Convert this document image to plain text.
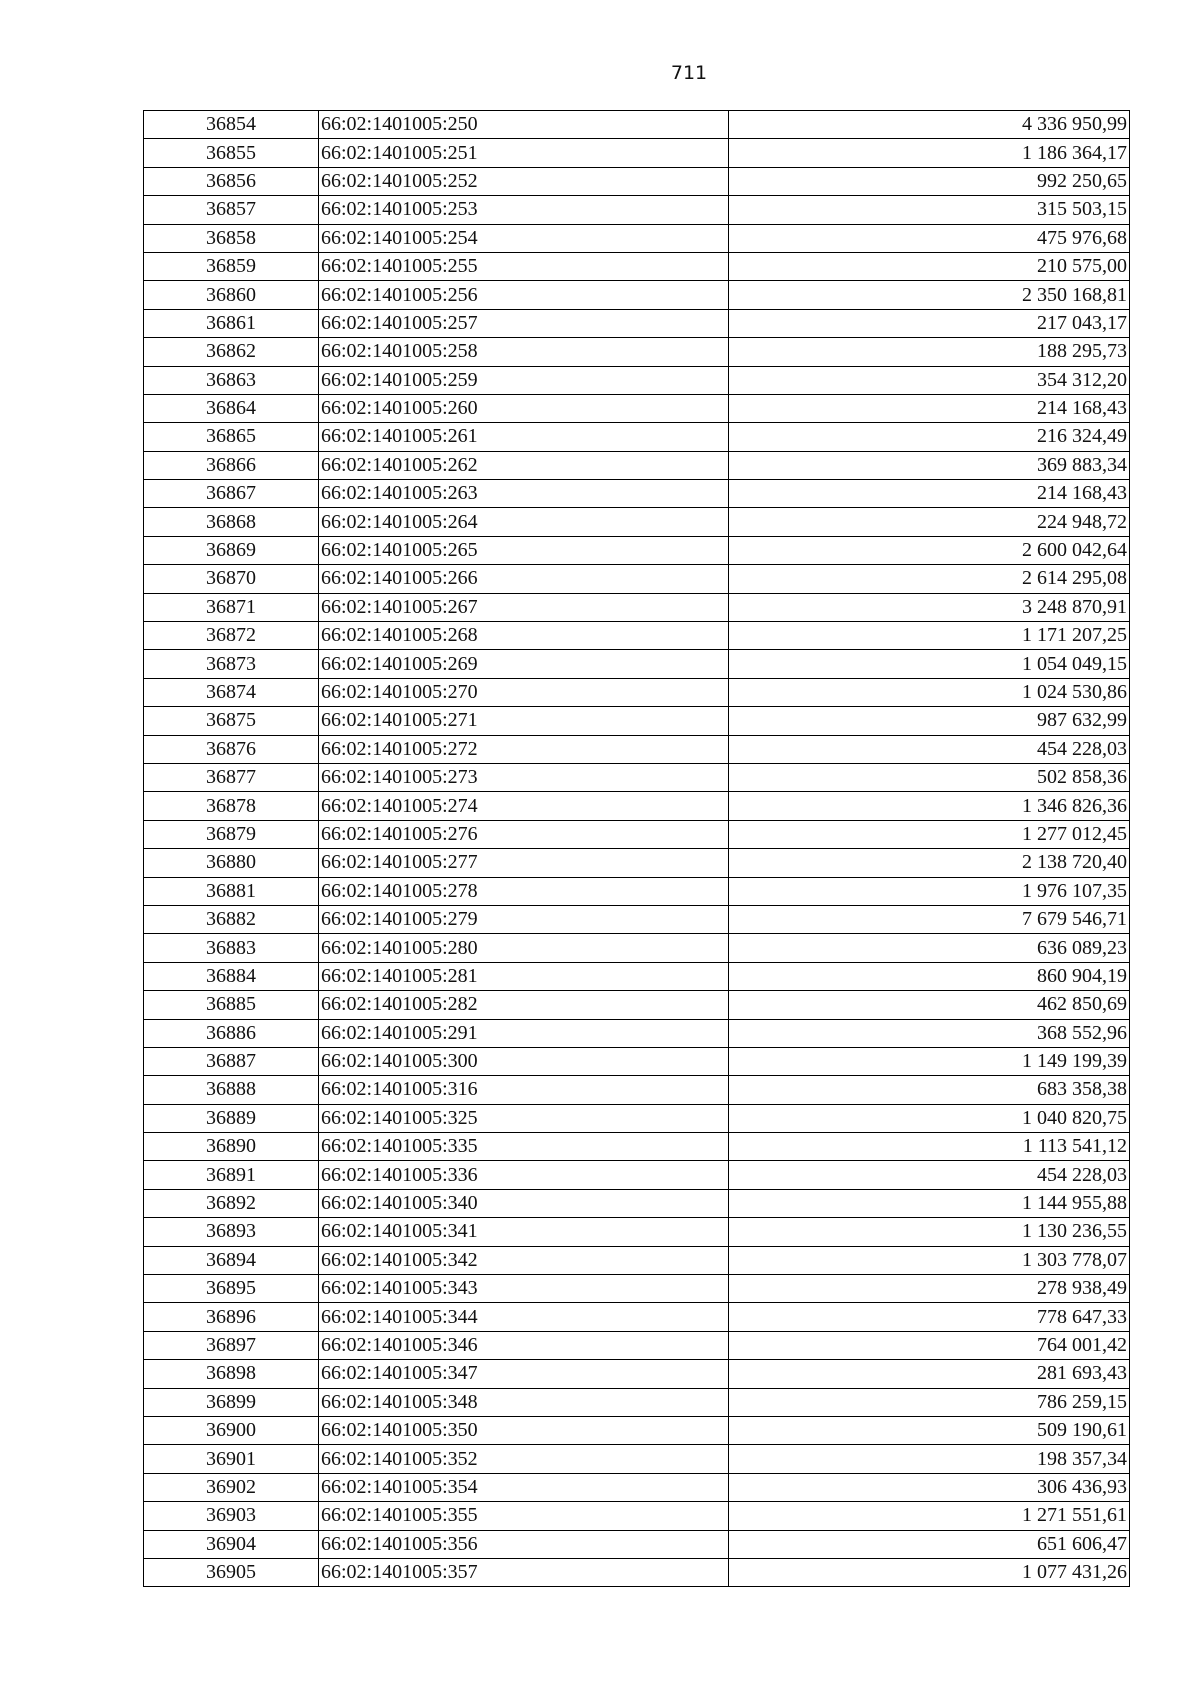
711
36854	66:02:1401005:250	4 336 950,99
36855	66:02:1401005:251	1 186 364,17
36856	66:02:1401005:252	992 250,65
36857	66:02:1401005:253	315 503,15
36858	66:02:1401005:254	475 976,68
36859	66:02:1401005:255	210 575,00
36860	66:02:1401005:256	2 350 168,81
36861	66:02:1401005:257	217 043,17
36862	66:02:1401005:258	188 295,73
36863	66:02:1401005:259	354 312,20
36864	66:02:1401005:260	214 168,43
36865	66:02:1401005:261	216 324,49
36866	66:02:1401005:262	369 883,34
36867	66:02:1401005:263	214 168,43
36868	66:02:1401005:264	224 948,72
36869	66:02:1401005:265	2 600 042,64
36870	66:02:1401005:266	2 614 295,08
36871	66:02:1401005:267	3 248 870,91
36872	66:02:1401005:268	1 171 207,25
36873	66:02:1401005:269	1 054 049,15
36874	66:02:1401005:270	1 024 530,86
36875	66:02:1401005:271	987 632,99
36876	66:02:1401005:272	454 228,03
36877	66:02:1401005:273	502 858,36
36878	66:02:1401005:274	1 346 826,36
36879	66:02:1401005:276	1 277 012,45
36880	66:02:1401005:277	2 138 720,40
36881	66:02:1401005:278	1 976 107,35
36882	66:02:1401005:279	7 679 546,71
36883	66:02:1401005:280	636 089,23
36884	66:02:1401005:281	860 904,19
36885	66:02:1401005:282	462 850,69
36886	66:02:1401005:291	368 552,96
36887	66:02:1401005:300	1 149 199,39
36888	66:02:1401005:316	683 358,38
36889	66:02:1401005:325	1 040 820,75
36890	66:02:1401005:335	1 113 541,12
36891	66:02:1401005:336	454 228,03
36892	66:02:1401005:340	1 144 955,88
36893	66:02:1401005:341	1 130 236,55
36894	66:02:1401005:342	1 303 778,07
36895	66:02:1401005:343	278 938,49
36896	66:02:1401005:344	778 647,33
36897	66:02:1401005:346	764 001,42
36898	66:02:1401005:347	281 693,43
36899	66:02:1401005:348	786 259,15
36900	66:02:1401005:350	509 190,61
36901	66:02:1401005:352	198 357,34
36902	66:02:1401005:354	306 436,93
36903	66:02:1401005:355	1 271 551,61
36904	66:02:1401005:356	651 606,47
36905	66:02:1401005:357	1 077 431,26
